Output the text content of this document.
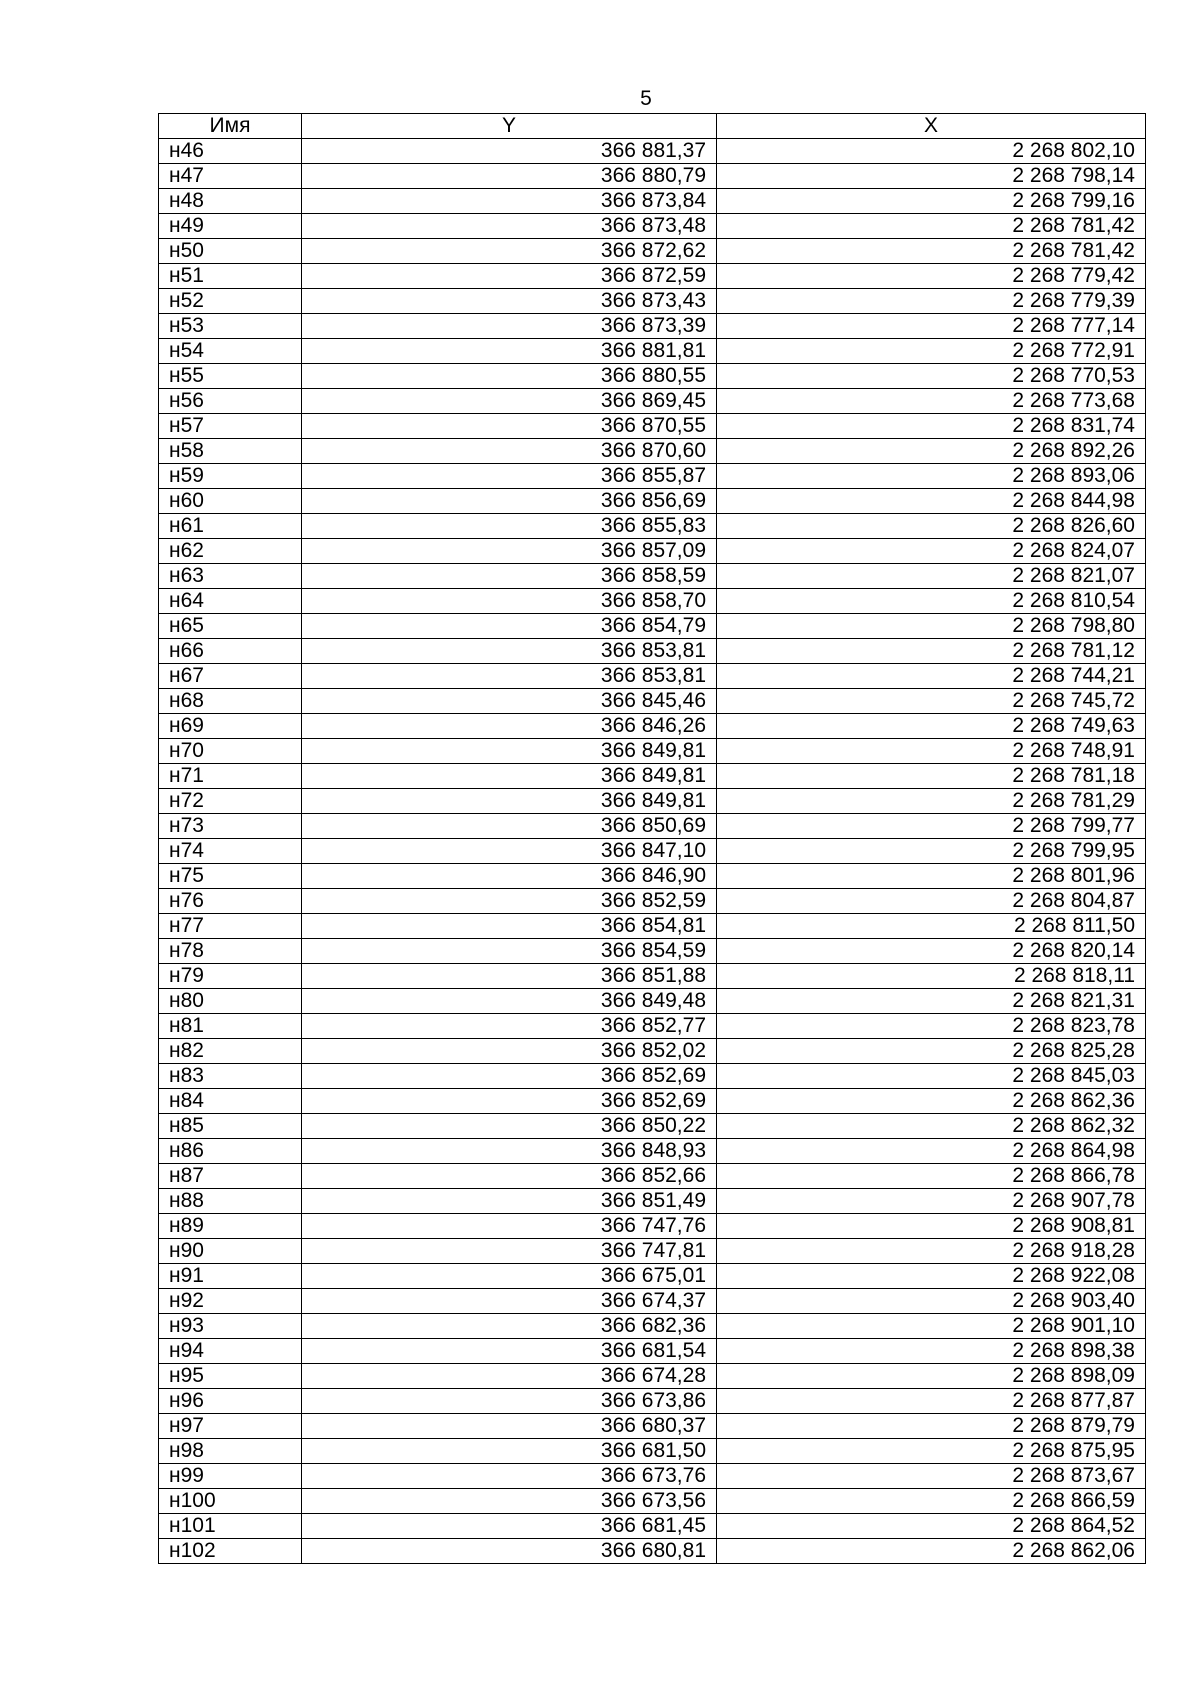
5
Имя	Y	X
н46	366 881,37	2 268 802,10
н47	366 880,79	2 268 798,14
н48	366 873,84	2 268 799,16
н49	366 873,48	2 268 781,42
н50	366 872,62	2 268 781,42
н51	366 872,59	2 268 779,42
н52	366 873,43	2 268 779,39
н53	366 873,39	2 268 777,14
н54	366 881,81	2 268 772,91
н55	366 880,55	2 268 770,53
н56	366 869,45	2 268 773,68
н57	366 870,55	2 268 831,74
н58	366 870,60	2 268 892,26
н59	366 855,87	2 268 893,06
н60	366 856,69	2 268 844,98
н61	366 855,83	2 268 826,60
н62	366 857,09	2 268 824,07
н63	366 858,59	2 268 821,07
н64	366 858,70	2 268 810,54
н65	366 854,79	2 268 798,80
н66	366 853,81	2 268 781,12
н67	366 853,81	2 268 744,21
н68	366 845,46	2 268 745,72
н69	366 846,26	2 268 749,63
н70	366 849,81	2 268 748,91
н71	366 849,81	2 268 781,18
н72	366 849,81	2 268 781,29
н73	366 850,69	2 268 799,77
н74	366 847,10	2 268 799,95
н75	366 846,90	2 268 801,96
н76	366 852,59	2 268 804,87
н77	366 854,81	2 268 811,50
н78	366 854,59	2 268 820,14
н79	366 851,88	2 268 818,11
н80	366 849,48	2 268 821,31
н81	366 852,77	2 268 823,78
н82	366 852,02	2 268 825,28
н83	366 852,69	2 268 845,03
н84	366 852,69	2 268 862,36
н85	366 850,22	2 268 862,32
н86	366 848,93	2 268 864,98
н87	366 852,66	2 268 866,78
н88	366 851,49	2 268 907,78
н89	366 747,76	2 268 908,81
н90	366 747,81	2 268 918,28
н91	366 675,01	2 268 922,08
н92	366 674,37	2 268 903,40
н93	366 682,36	2 268 901,10
н94	366 681,54	2 268 898,38
н95	366 674,28	2 268 898,09
н96	366 673,86	2 268 877,87
н97	366 680,37	2 268 879,79
н98	366 681,50	2 268 875,95
н99	366 673,76	2 268 873,67
н100	366 673,56	2 268 866,59
н101	366 681,45	2 268 864,52
н102	366 680,81	2 268 862,06
